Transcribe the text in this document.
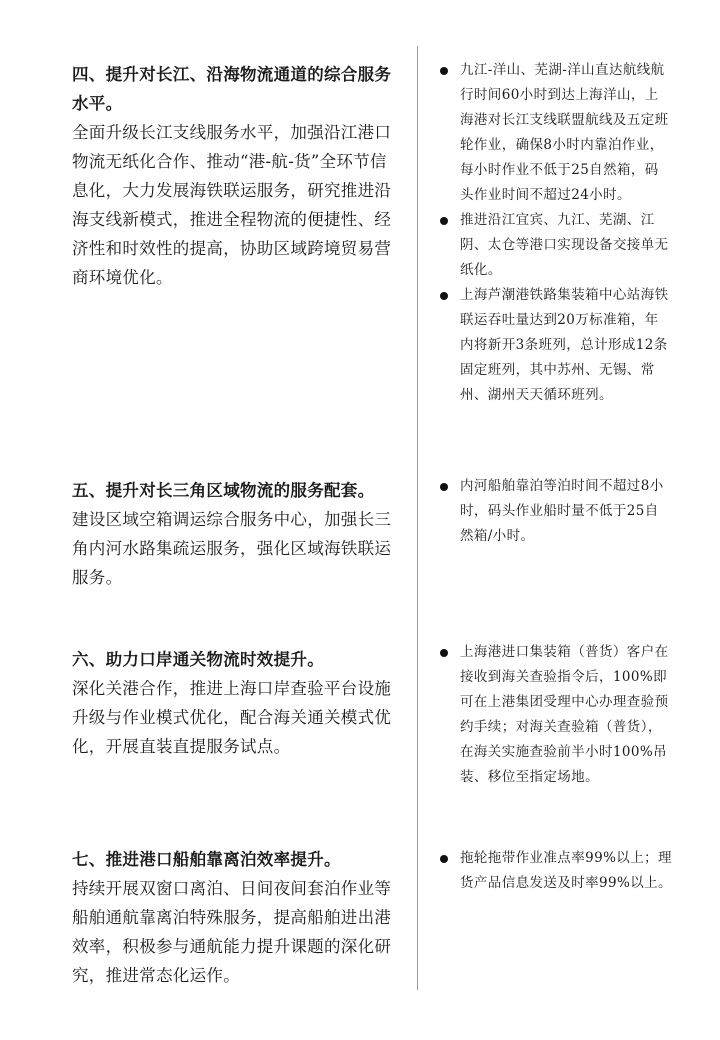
四、提升对长江、沿海物流通道的综合服务水平。
全面升级长江支线服务水平，加强沿江港口物流无纸化合作、推动“港-航-货”全环节信息化，大力发展海铁联运服务，研究推进沿海支线新模式，推进全程物流的便捷性、经济性和时效性的提高，协助区域跨境贸易营商环境优化。
九江-洋山、芜湖-洋山直达航线航行时间60小时到达上海洋山，上海港对长江支线联盟航线及五定班轮作业，确保8小时内靠泊作业，每小时作业不低于25自然箱，码头作业时间不超过24小时。
推进沿江宜宾、九江、芜湖、江阴、太仓等港口实现设备交接单无纸化。
上海芦潮港铁路集装箱中心站海铁联运吞吐量达到20万标准箱，年内将新开3条班列，总计形成12条固定班列，其中苏州、无锡、常州、湖州天天循环班列。
五、提升对长三角区域物流的服务配套。
建设区域空箱调运综合服务中心，加强长三角内河水路集疏运服务，强化区域海铁联运服务。
内河船舶靠泊等泊时间不超过8小时，码头作业船时量不低于25自然箱/小时。
六、助力口岸通关物流时效提升。
深化关港合作，推进上海口岸查验平台设施升级与作业模式优化，配合海关通关模式优化，开展直装直提服务试点。
上海港进口集装箱（普货）客户在接收到海关查验指令后，100%即可在上港集团受理中心办理查验预约手续；对海关查验箱（普货），在海关实施查验前半小时100%吊装、移位至指定场地。
七、推进港口船舶靠离泊效率提升。
持续开展双窗口离泊、日间夜间套泊作业等船舶通航靠离泊特殊服务，提高船舶进出港效率，积极参与通航能力提升课题的深化研究，推进常态化运作。
拖轮拖带作业准点率99%以上；理货产品信息发送及时率99%以上。
